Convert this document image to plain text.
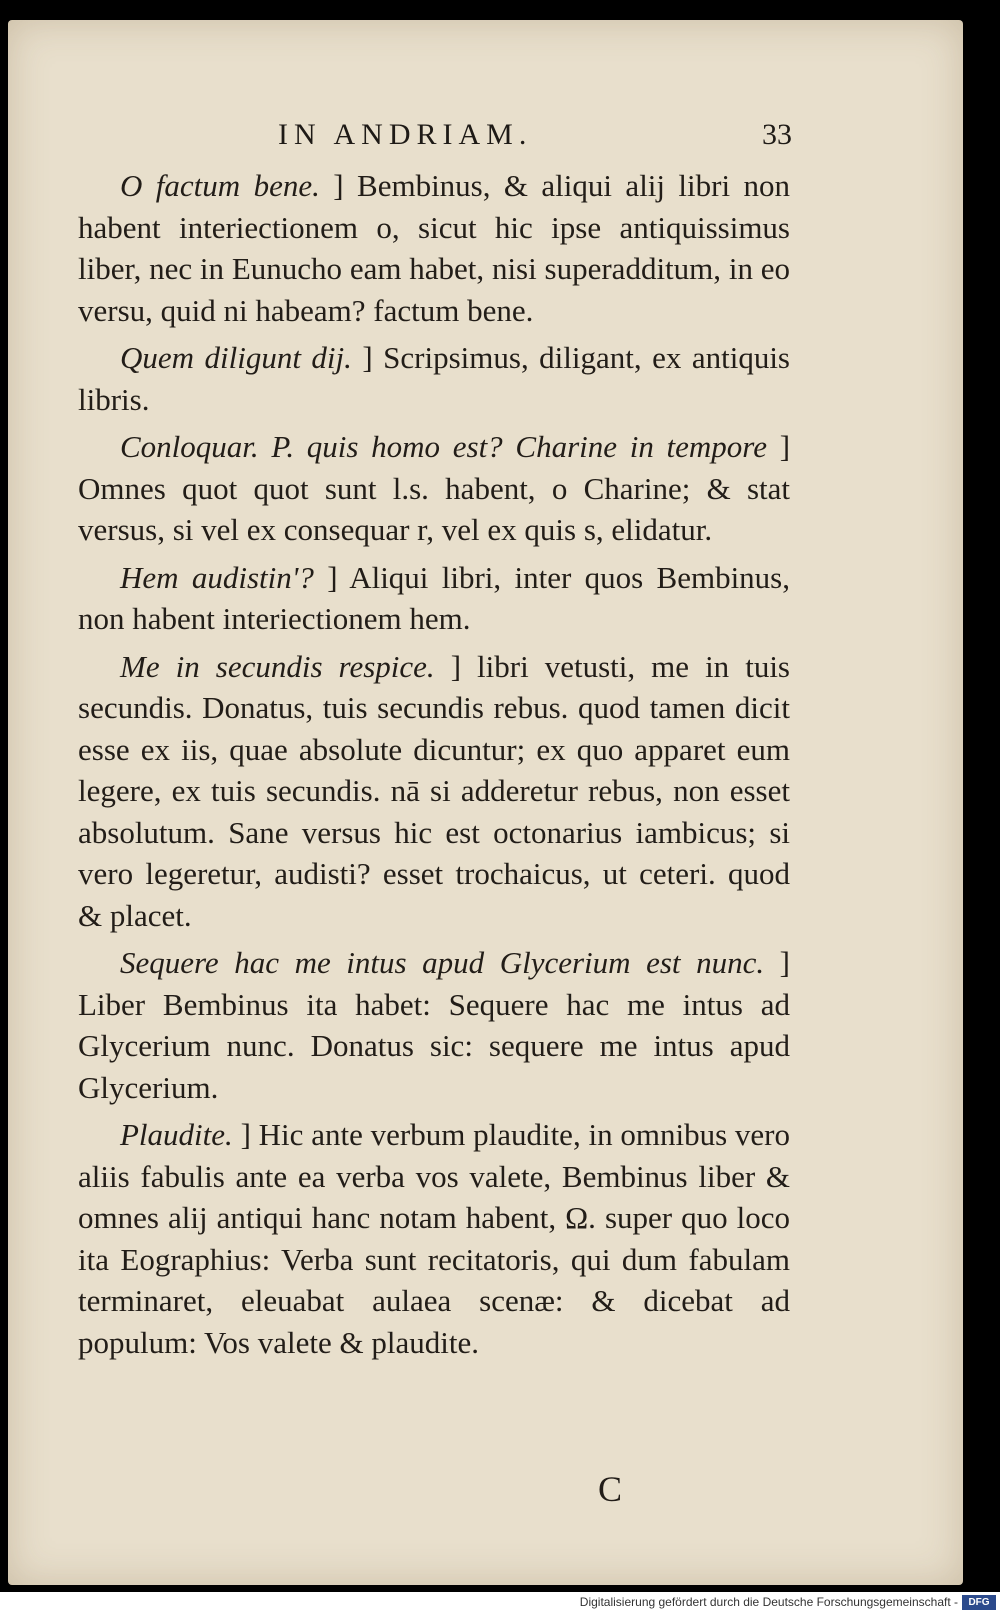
IN ANDRIAM.	33

O factum bene. ] Bembinus, & aliqui alij libri non habent interiectionem o, sicut hic ipse antiquissimus liber, nec in Eunucho eam habet, nisi superadditum, in eo versu, quid ni habeam? factum bene.

Quem diligunt dij. ] Scripsimus, diligant, ex antiquis libris.

Conloquar. P. quis homo est? Charine in tempore ] Omnes quot quot sunt l.s. habent, o Charine; & stat versus, si vel ex consequar r, vel ex quis s, elidatur.

Hem audistin'? ] Aliqui libri, inter quos Bembinus, non habent interiectionem hem.

Me in secundis respice. ] libri vetusti, me in tuis secundis. Donatus, tuis secundis rebus. quod tamen dicit esse ex iis, quae absolute dicuntur; ex quo apparet eum legere, ex tuis secundis. nā si adderetur rebus, non esset absolutum. Sane versus hic est octonarius iambicus; si vero legeretur, audisti? esset trochaicus, ut ceteri. quod & placet.

Sequere hac me intus apud Glycerium est nunc. ] Liber Bembinus ita habet: Sequere hac me intus ad Glycerium nunc. Donatus sic: sequere me intus apud Glycerium.

Plaudite. ] Hic ante verbum plaudite, in omnibus vero aliis fabulis ante ea verba vos valete, Bembinus liber & omnes alij antiqui hanc notam habent, Ω. super quo loco ita Eographius: Verba sunt recitatoris, qui dum fabulam terminaret, eleuabat aulaea scenæ: & dicebat ad populum: Vos valete & plaudite.

C
Digitalisierung gefördert durch die Deutsche Forschungsgemeinschaft -	DFG
